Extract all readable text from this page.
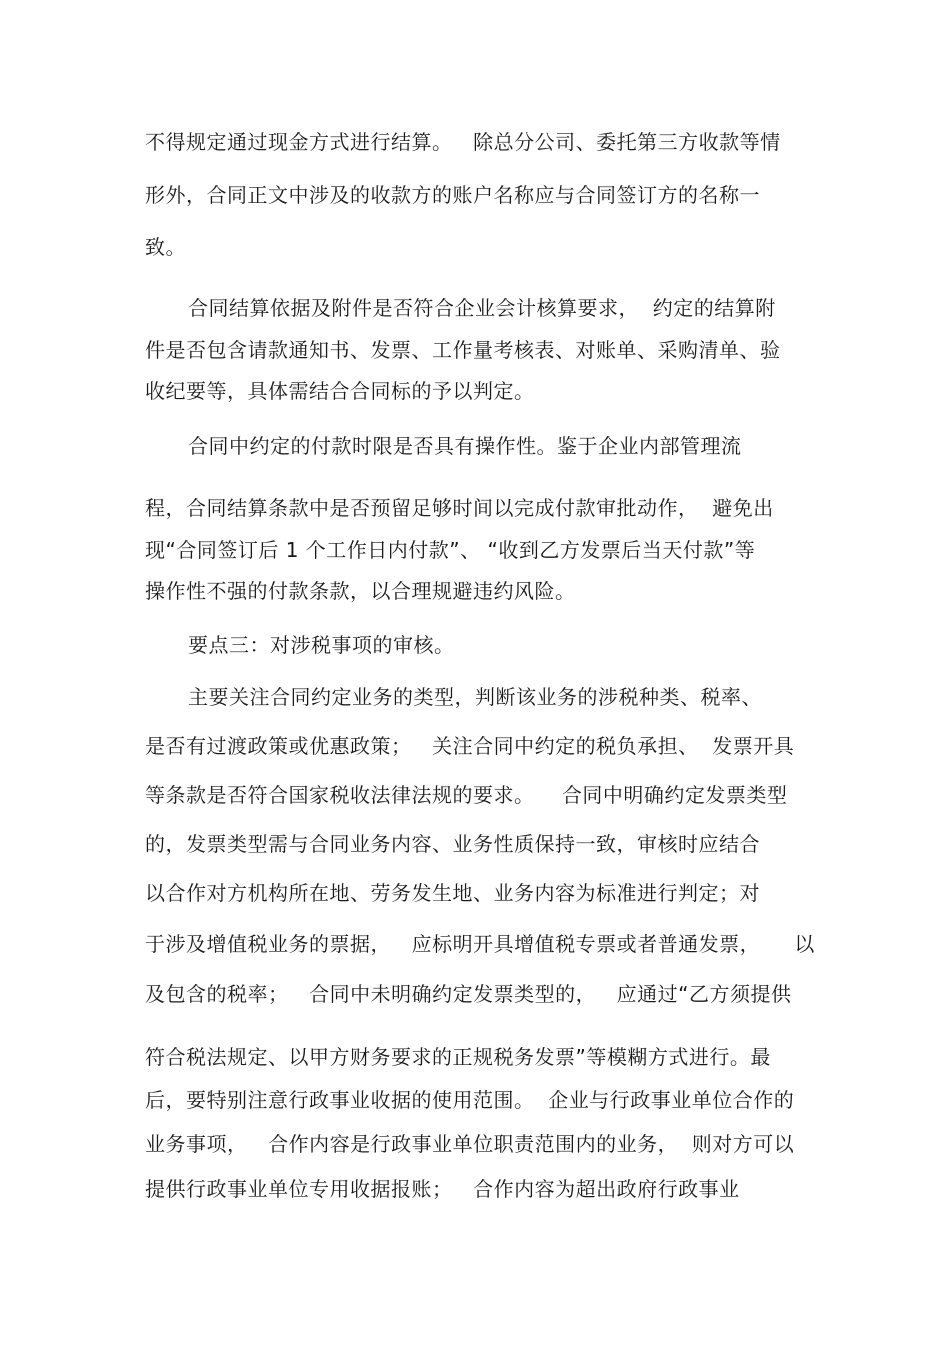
不得规定通过现金方式进行结算。   除总分公司、委托第三方收款等情
形外，合同正文中涉及的收款方的账户名称应与合同签订方的名称一
致。
合同结算依据及附件是否符合企业会计核算要求，  约定的结算附
件是否包含请款通知书、发票、工作量考核表、对账单、采购清单、验
收纪要等，具体需结合合同标的予以判定。
合同中约定的付款时限是否具有操作性。鉴于企业内部管理流
程，合同结算条款中是否预留足够时间以完成付款审批动作，  避免出
现“合同签订后 1 个工作日内付款”、 “收到乙方发票后当天付款”等
操作性不强的付款条款，以合理规避违约风险。
要点三：对涉税事项的审核。
主要关注合同约定业务的类型，判断该业务的涉税种类、税率、
是否有过渡政策或优惠政策；   关注合同中约定的税负承担、  发票开具
等条款是否符合国家税收法律法规的要求。    合同中明确约定发票类型
的，发票类型需与合同业务内容、业务性质保持一致，审核时应结合
以合作对方机构所在地、劳务发生地、业务内容为标准进行判定；对
于涉及增值税业务的票据，   应标明开具增值税专票或者普通发票，     以
及包含的税率；   合同中未明确约定发票类型的，   应通过“乙方须提供
符合税法规定、以甲方财务要求的正规税务发票”等模糊方式进行。最
后，要特别注意行政事业收据的使用范围。  企业与行政事业单位合作的
业务事项，   合作内容是行政事业单位职责范围内的业务，  则对方可以
提供行政事业单位专用收据报账；   合作内容为超出政府行政事业
